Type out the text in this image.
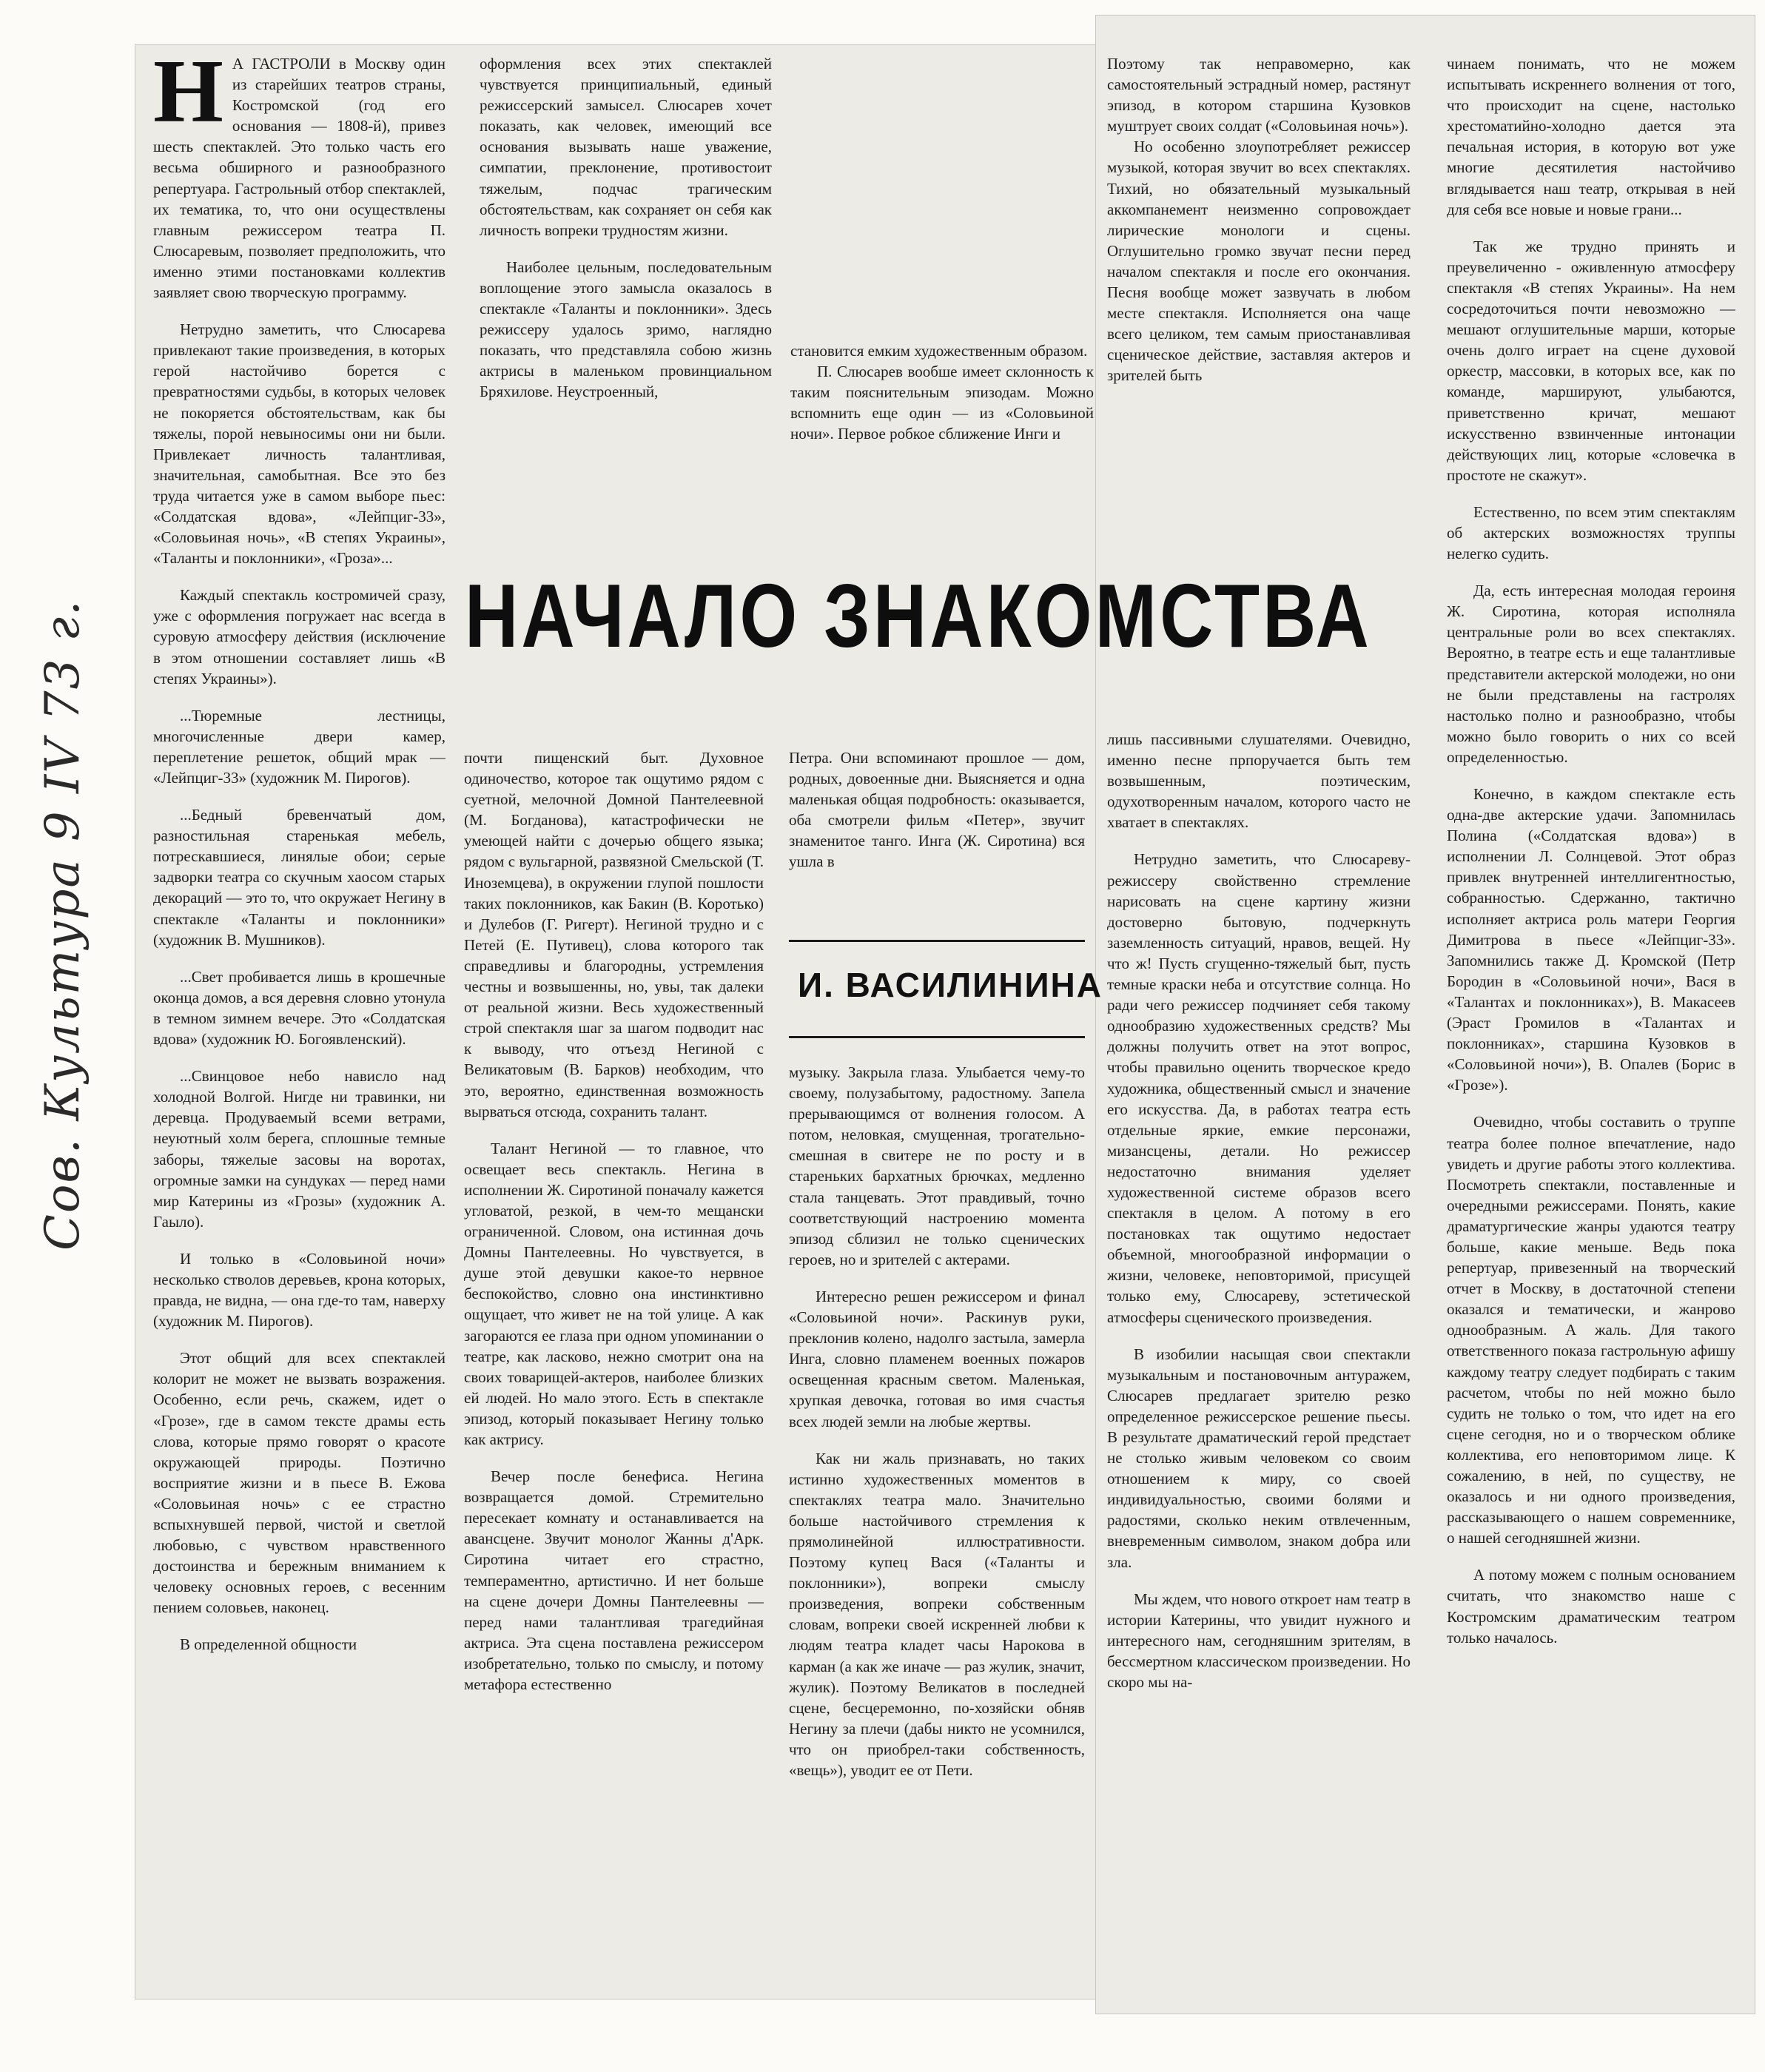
Сов. Культура 9 IV 73 г.

Н А ГАСТРОЛИ в Москву один из старейших театров страны, Костромской (год его основания — 1808-й), привез шесть спектаклей. Это только часть его весьма обширного и разнообразного репертуара. Гастрольный отбор спектаклей, их тематика, то, что они осуществлены главным режиссером театра П. Слюсаревым, позволяет предположить, что именно этими постановками коллектив заявляет свою творческую программу.

Нетрудно заметить, что Слюсарева привлекают такие произведения, в которых герой настойчиво борется с превратностями судьбы, в которых человек не покоряется обстоятельствам, как бы тяжелы, порой невыносимы они ни были. Привлекает личность талантливая, значительная, самобытная. Все это без труда читается уже в самом выборе пьес: «Солдатская вдова», «Лейпциг-33», «Соловьиная ночь», «В степях Украины», «Таланты и поклонники», «Гроза»...

Каждый спектакль костромичей сразу, уже с оформления погружает нас всегда в суровую атмосферу действия (исключение в этом отношении составляет лишь «В степях Украины»).

...Тюремные лестницы, многочисленные двери камер, переплетение решеток, общий мрак — «Лейпциг-33» (художник М. Пирогов).

...Бедный бревенчатый дом, разностильная старенькая мебель, потрескавшиеся, линялые обои; серые задворки театра со скучным хаосом старых декораций — это то, что окружает Негину в спектакле «Таланты и поклонники» (художник В. Мушников).

...Свет пробивается лишь в крошечные оконца домов, а вся деревня словно утонула в темном зимнем вечере. Это «Солдатская вдова» (художник Ю. Богоявленский).

...Свинцовое небо нависло над холодной Волгой. Нигде ни травинки, ни деревца. Продуваемый всеми ветрами, неуютный холм берега, сплошные темные заборы, тяжелые засовы на воротах, огромные замки на сундуках — перед нами мир Катерины из «Грозы» (художник А. Гаыло).

И только в «Соловьиной ночи» несколько стволов деревьев, крона которых, правда, не видна, — она где-то там, наверху (художник М. Пирогов).

Этот общий для всех спектаклей колорит не может не вызвать возражения. Особенно, если речь, скажем, идет о «Грозе», где в самом тексте драмы есть слова, которые прямо говорят о красоте окружающей природы. Поэтично восприятие жизни и в пьесе В. Ежова «Соловьиная ночь» с ее страстно вспыхнувшей первой, чистой и светлой любовью, с чувством нравственного достоинства и бережным вниманием к человеку основных героев, с весенним пением соловьев, наконец.

В определенной общности

оформления всех этих спектаклей чувствуется принципиальный, единый режиссерский замысел. Слюсарев хочет показать, как человек, имеющий все основания вызывать наше уважение, симпатии, преклонение, противостоит тяжелым, подчас трагическим обстоятельствам, как сохраняет он себя как личность вопреки трудностям жизни.

Наиболее цельным, последовательным воплощение этого замысла оказалось в спектакле «Таланты и поклонники». Здесь режиссеру удалось зримо, наглядно показать, что представляла собою жизнь актрисы в маленьком провинциальном Бряхилове. Неустроенный,

становится емким художественным образом.

П. Слюсарев вообше имеет склонность к таким пояснительным эпизодам. Можно вспомнить еще один — из «Соловьиной ночи». Первое робкое сближение Инги и

Поэтому так неправомерно, как самостоятельный эстрадный номер, растянут эпизод, в котором старшина Кузовков муштрует своих солдат («Соловьиная ночь»).

Но особенно злоупотребляет режиссер музыкой, которая звучит во всех спектаклях. Тихий, но обязательный музыкальный аккомпанемент неизменно сопровождает лирические монологи и сцены. Оглушительно громко звучат песни перед началом спектакля и после его окончания. Песня вообще может зазвучать в любом месте спектакля. Исполняется она чаще всего целиком, тем самым приостанавливая сценическое действие, заставляя актеров и зрителей быть

чинаем понимать, что не можем испытывать искреннего волнения от того, что происходит на сцене, настолько хрестоматийно-холодно дается эта печальная история, в которую вот уже многие десятилетия настойчиво вглядывается наш театр, открывая в ней для себя все новые и новые грани...

Так же трудно принять и преувеличенно - оживленную атмосферу спектакля «В степях Украины». На нем сосредоточиться почти невозможно — мешают оглушительные марши, которые очень долго играет на сцене духовой оркестр, массовки, в которых все, как по команде, маршируют, улыбаются, приветственно кричат, мешают искусственно взвинченные интонации действующих лиц, которые «словечка в простоте не скажут».

Естественно, по всем этим спектаклям об актерских возможностях труппы нелегко судить.

Да, есть интересная молодая героиня Ж. Сиротина, которая исполняла центральные роли во всех спектаклях. Вероятно, в театре есть и еще талантливые представители актерской молодежи, но они не были представлены на гастролях настолько полно и разнообразно, чтобы можно было говорить о них со всей определенностью.

Конечно, в каждом спектакле есть одна-две актерские удачи. Запомнилась Полина («Солдатская вдова») в исполнении Л. Солнцевой. Этот образ привлек внутренней интеллигентностью, собранностью. Сдержанно, тактично исполняет актриса роль матери Георгия Димитрова в пьесе «Лейпциг-33». Запомнились также Д. Кромской (Петр Бородин в «Соловьиной ночи», Вася в «Талантах и поклонниках»), В. Макасеев (Эраст Громилов в «Талантах и поклонниках», старшина Кузовков в «Соловьиной ночи»), В. Опалев (Борис в «Грозе»).

Очевидно, чтобы составить о труппе театра более полное впечатление, надо увидеть и другие работы этого коллектива. Посмотреть спектакли, поставленные и очередными режиссерами. Понять, какие драматургические жанры удаются театру больше, какие меньше. Ведь пока репертуар, привезенный на творческий отчет в Москву, в достаточной степени оказался и тематически, и жанрово однообразным. А жаль. Для такого ответственного показа гастрольную афишу каждому театру следует подбирать с таким расчетом, чтобы по ней можно было судить не только о том, что идет на его сцене сегодня, но и о творческом облике коллектива, его неповторимом лице. К сожалению, в ней, по существу, не оказалось и ни одного произведения, рассказывающего о нашем современнике, о нашей сегодняшней жизни.

А потому можем с полным основанием считать, что знакомство наше с Костромским драматическим театром только началось.

НАЧАЛО ЗНАКОМСТВА

почти пищенский быт. Духовное одиночество, которое так ощутимо рядом с суетной, мелочной Домной Пантелеевной (М. Богданова), катастрофически не умеющей найти с дочерью общего языка; рядом с вульгарной, развязной Смельской (Т. Иноземцева), в окружении глупой пошлости таких поклонников, как Бакин (В. Коротько) и Дулебов (Г. Ригерт). Негиной трудно и с Петей (Е. Путивец), слова которого так справедливы и благородны, устремления честны и возвышенны, но, увы, так далеки от реальной жизни. Весь художественный строй спектакля шаг за шагом подводит нас к выводу, что отъезд Негиной с Великатовым (В. Барков) необходим, что это, вероятно, единственная возможность вырваться отсюда, сохранить талант.

Талант Негиной — то главное, что освещает весь спектакль. Негина в исполнении Ж. Сиротиной поначалу кажется угловатой, резкой, в чем-то мещански ограниченной. Словом, она истинная дочь Домны Пантелеевны. Но чувствуется, в душе этой девушки какое-то нервное беспокойство, словно она инстинктивно ощущает, что живет не на той улице. А как загораются ее глаза при одном упоминании о театре, как ласково, нежно смотрит она на своих товарищей-актеров, наиболее близких ей людей. Но мало этого. Есть в спектакле эпизод, который показывает Негину только как актрису.

Вечер после бенефиса. Негина возвращается домой. Стремительно пересекает комнату и останавливается на авансцене. Звучит монолог Жанны д'Арк. Сиротина читает его страстно, темпераментно, артистично. И нет больше на сцене дочери Домны Пантелеевны — перед нами талантливая трагедийная актриса. Эта сцена поставлена режиссером изобретательно, только по смыслу, и потому метафора естественно

Петра. Они вспоминают прошлое — дом, родных, довоенные дни. Выясняется и одна маленькая общая подробность: оказывается, оба смотрели фильм «Петер», звучит знаменитое танго. Инга (Ж. Сиротина) вся ушла в

И. ВАСИЛИНИНА

музыку. Закрыла глаза. Улыбается чему-то своему, полузабытому, радостному. Запела прерывающимся от волнения голосом. А потом, неловкая, смущенная, трогательно-смешная в свитере не по росту и в стареньких бархатных брючках, медленно стала танцевать. Этот правдивый, точно соответствующий настроению момента эпизод сблизил не только сценических героев, но и зрителей с актерами.

Интересно решен режиссером и финал «Соловьиной ночи». Раскинув руки, преклонив колено, надолго застыла, замерла Инга, словно пламенем военных пожаров освещенная красным светом. Маленькая, хрупкая девочка, готовая во имя счастья всех людей земли на любые жертвы.

Как ни жаль признавать, но таких истинно художественных моментов в спектаклях театра мало. Значительно больше настойчивого стремления к прямолинейной иллюстративности. Поэтому купец Вася («Таланты и поклонники»), вопреки смыслу произведения, вопреки собственным словам, вопреки своей искренней любви к людям театра кладет часы Нарокова в карман (а как же иначе — раз жулик, значит, жулик). Поэтому Великатов в последней сцене, бесцеремонно, по-хозяйски обняв Негину за плечи (дабы никто не усомнился, что он приобрел-таки собственность, «вещь»), уводит ее от Пети.

лишь пассивными слушателями. Очевидно, именно песне прпоручается быть тем возвышенным, поэтическим, одухотворенным началом, которого часто не хватает в спектаклях.

Нетрудно заметить, что Слюсареву-режиссеру свойственно стремление нарисовать на сцене картину жизни достоверно бытовую, подчеркнуть заземленность ситуаций, нравов, вещей. Ну что ж! Пусть сгущенно-тяжелый быт, пусть темные краски неба и отсутствие солнца. Но ради чего режиссер подчиняет себя такому однообразию художественных средств? Мы должны получить ответ на этот вопрос, чтобы правильно оценить творческое кредо художника, общественный смысл и значение его искусства. Да, в работах театра есть отдельные яркие, емкие персонажи, мизансцены, детали. Но режиссер недостаточно внимания уделяет художественной системе образов всего спектакля в целом. А потому в его постановках так ощутимо недостает объемной, многообразной информации о жизни, человеке, неповторимой, присущей только ему, Слюсареву, эстетической атмосферы сценического произведения.

В изобилии насыщая свои спектакли музыкальным и постановочным антуражем, Слюсарев предлагает зрителю резко определенное режиссерское решение пьесы. В результате драматический герой предстает не столько живым человеком со своим отношением к миру, со своей индивидуальностью, своими болями и радостями, сколько неким отвлеченным, вневременным символом, знаком добра или зла.

Мы ждем, что нового откроет нам театр в истории Катерины, что увидит нужного и интересного нам, сегодняшним зрителям, в бессмертном классическом произведении. Но скоро мы на-
